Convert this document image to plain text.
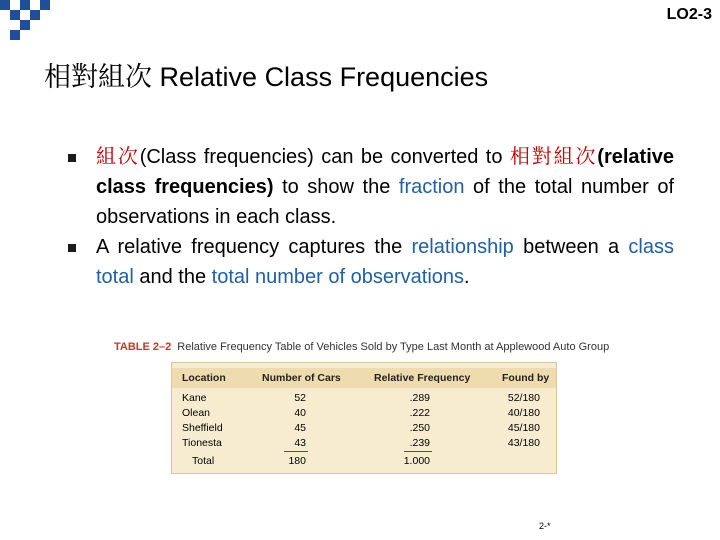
LO2-3
相對組次 Relative Class Frequencies
組次(Class frequencies) can be converted to 相對組次(relative class frequencies) to show the fraction of the total number of observations in each class.
A relative frequency captures the relationship between a class total and the total number of observations.
TABLE 2–2 Relative Frequency Table of Vehicles Sold by Type Last Month at Applewood Auto Group
Location	Number of Cars	Relative Frequency	Found by
Kane	52	.289	52/180
Olean	40	.222	40/180
Sheffield	45	.250	45/180
Tionesta	43	.239	43/180
Total	180	1.000
2-*
